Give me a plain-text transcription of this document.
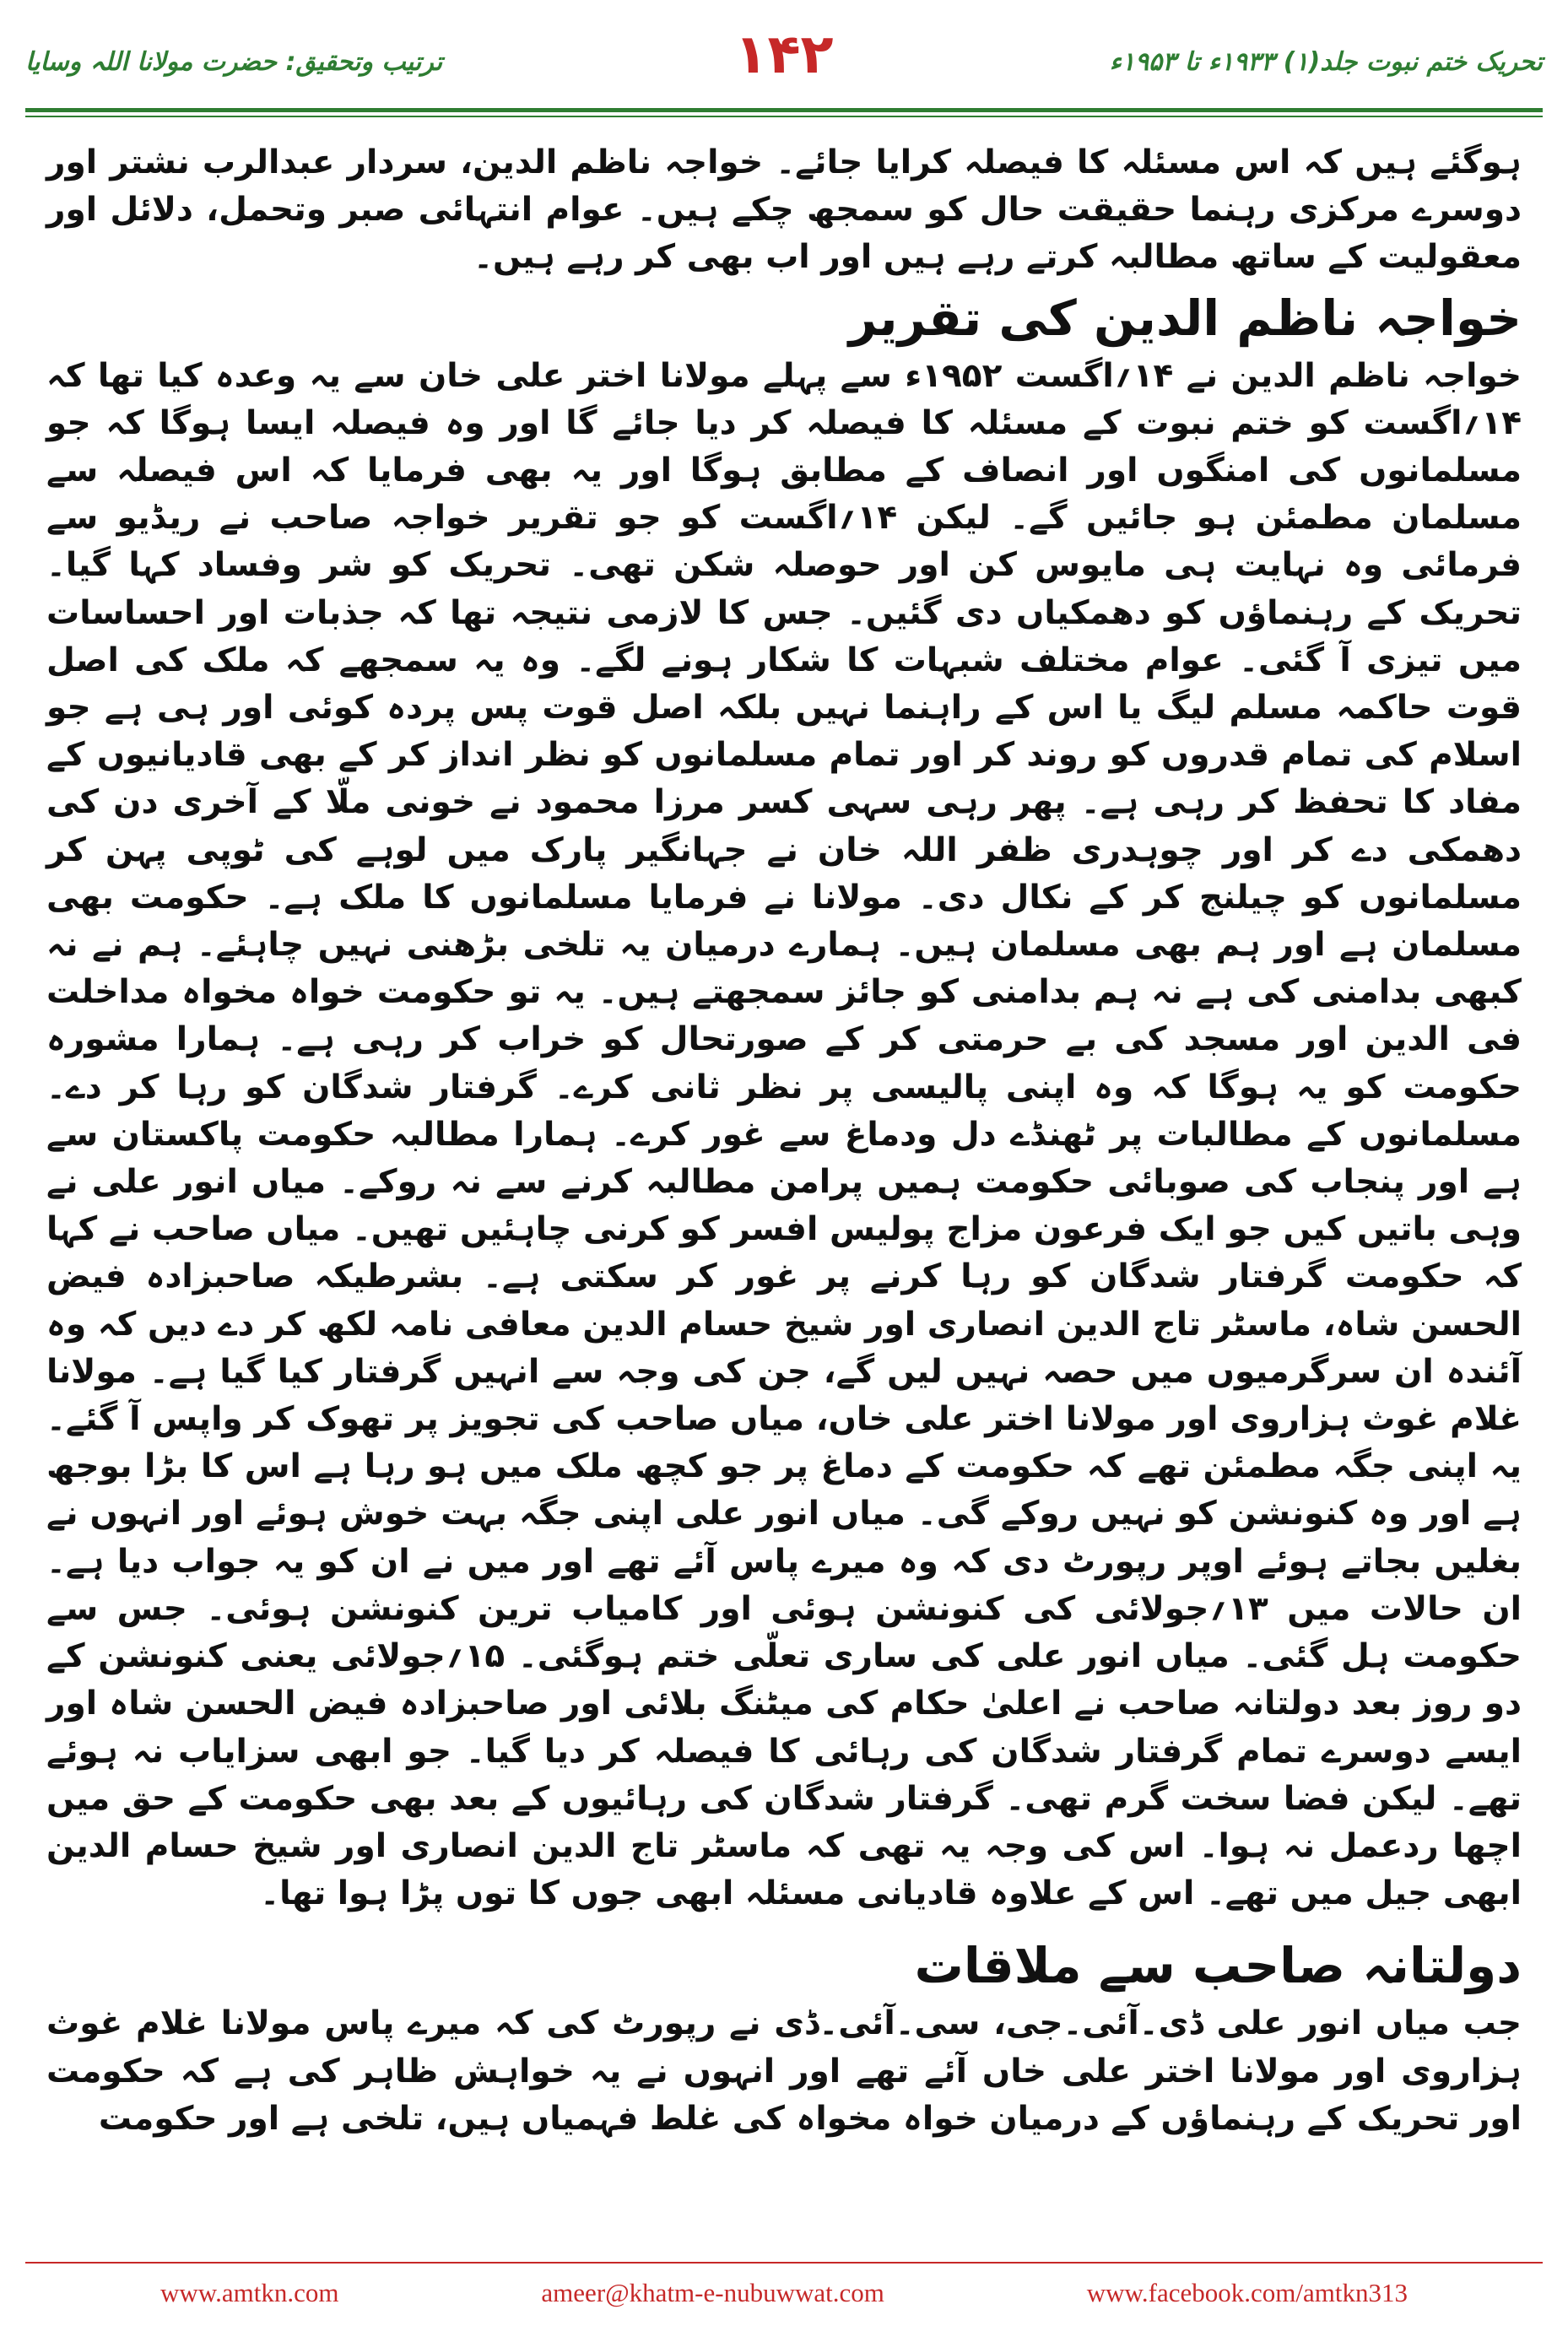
تحریک ختم نبوت جلد(۱) ۱۹۳۳ء تا ۱۹۵۳ء
۱۴۲
ترتیب وتحقیق: حضرت مولانا اللہ وسایا

ہوگئے ہیں کہ اس مسئلہ کا فیصلہ کرایا جائے۔ خواجہ ناظم الدین، سردار عبدالرب نشتر اور دوسرے مرکزی رہنما حقیقت حال کو سمجھ چکے ہیں۔ عوام انتہائی صبر وتحمل، دلائل اور معقولیت کے ساتھ مطالبہ کرتے رہے ہیں اور اب بھی کر رہے ہیں۔

خواجہ ناظم الدین کی تقریر

خواجہ ناظم الدین نے ۱۴؍اگست ۱۹۵۲ء سے پہلے مولانا اختر علی خان سے یہ وعدہ کیا تھا کہ ۱۴؍اگست کو ختم نبوت کے مسئلہ کا فیصلہ کر دیا جائے گا اور وہ فیصلہ ایسا ہوگا کہ جو مسلمانوں کی امنگوں اور انصاف کے مطابق ہوگا اور یہ بھی فرمایا کہ اس فیصلہ سے مسلمان مطمئن ہو جائیں گے۔ لیکن ۱۴؍اگست کو جو تقریر خواجہ صاحب نے ریڈیو سے فرمائی وہ نہایت ہی مایوس کن اور حوصلہ شکن تھی۔ تحریک کو شر وفساد کہا گیا۔ تحریک کے رہنماؤں کو دھمکیاں دی گئیں۔ جس کا لازمی نتیجہ تھا کہ جذبات اور احساسات میں تیزی آ گئی۔ عوام مختلف شبہات کا شکار ہونے لگے۔ وہ یہ سمجھے کہ ملک کی اصل قوت حاکمہ مسلم لیگ یا اس کے راہنما نہیں بلکہ اصل قوت پس پردہ کوئی اور ہی ہے جو اسلام کی تمام قدروں کو روند کر اور تمام مسلمانوں کو نظر انداز کر کے بھی قادیانیوں کے مفاد کا تحفظ کر رہی ہے۔ پھر رہی سہی کسر مرزا محمود نے خونی ملّا کے آخری دن کی دھمکی دے کر اور چوہدری ظفر اللہ خان نے جہانگیر پارک میں لوہے کی ٹوپی پہن کر مسلمانوں کو چیلنج کر کے نکال دی۔ مولانا نے فرمایا مسلمانوں کا ملک ہے۔ حکومت بھی مسلمان ہے اور ہم بھی مسلمان ہیں۔ ہمارے درمیان یہ تلخی بڑھنی نہیں چاہئے۔ ہم نے نہ کبھی بدامنی کی ہے نہ ہم بدامنی کو جائز سمجھتے ہیں۔ یہ تو حکومت خواہ مخواہ مداخلت فی الدین اور مسجد کی بے حرمتی کر کے صورتحال کو خراب کر رہی ہے۔ ہمارا مشورہ حکومت کو یہ ہوگا کہ وہ اپنی پالیسی پر نظر ثانی کرے۔ گرفتار شدگان کو رہا کر دے۔ مسلمانوں کے مطالبات پر ٹھنڈے دل ودماغ سے غور کرے۔ ہمارا مطالبہ حکومت پاکستان سے ہے اور پنجاب کی صوبائی حکومت ہمیں پرامن مطالبہ کرنے سے نہ روکے۔ میاں انور علی نے وہی باتیں کیں جو ایک فرعون مزاج پولیس افسر کو کرنی چاہئیں تھیں۔ میاں صاحب نے کہا کہ حکومت گرفتار شدگان کو رہا کرنے پر غور کر سکتی ہے۔ بشرطیکہ صاحبزادہ فیض الحسن شاہ، ماسٹر تاج الدین انصاری اور شیخ حسام الدین معافی نامہ لکھ کر دے دیں کہ وہ آئندہ ان سرگرمیوں میں حصہ نہیں لیں گے، جن کی وجہ سے انہیں گرفتار کیا گیا ہے۔ مولانا غلام غوث ہزاروی اور مولانا اختر علی خاں، میاں صاحب کی تجویز پر تھوک کر واپس آ گئے۔ یہ اپنی جگہ مطمئن تھے کہ حکومت کے دماغ پر جو کچھ ملک میں ہو رہا ہے اس کا بڑا بوجھ ہے اور وہ کنونشن کو نہیں روکے گی۔ میاں انور علی اپنی جگہ بہت خوش ہوئے اور انہوں نے بغلیں بجاتے ہوئے اوپر رپورٹ دی کہ وہ میرے پاس آئے تھے اور میں نے ان کو یہ جواب دیا ہے۔ ان حالات میں ۱۳؍جولائی کی کنونشن ہوئی اور کامیاب ترین کنونشن ہوئی۔ جس سے حکومت ہل گئی۔ میاں انور علی کی ساری تعلّی ختم ہوگئی۔ ۱۵؍جولائی یعنی کنونشن کے دو روز بعد دولتانہ صاحب نے اعلیٰ حکام کی میٹنگ بلائی اور صاحبزادہ فیض الحسن شاہ اور ایسے دوسرے تمام گرفتار شدگان کی رہائی کا فیصلہ کر دیا گیا۔ جو ابھی سزایاب نہ ہوئے تھے۔ لیکن فضا سخت گرم تھی۔ گرفتار شدگان کی رہائیوں کے بعد بھی حکومت کے حق میں اچھا ردعمل نہ ہوا۔ اس کی وجہ یہ تھی کہ ماسٹر تاج الدین انصاری اور شیخ حسام الدین ابھی جیل میں تھے۔ اس کے علاوہ قادیانی مسئلہ ابھی جوں کا توں پڑا ہوا تھا۔

دولتانہ صاحب سے ملاقات

جب میاں انور علی ڈی۔آئی۔جی، سی۔آئی۔ڈی نے رپورٹ کی کہ میرے پاس مولانا غلام غوث ہزاروی اور مولانا اختر علی خاں آئے تھے اور انہوں نے یہ خواہش ظاہر کی ہے کہ حکومت اور تحریک کے رہنماؤں کے درمیان خواہ مخواہ کی غلط فہمیاں ہیں، تلخی ہے اور حکومت

www.amtkn.com	ameer@khatm-e-nubuwwat.com	www.facebook.com/amtkn313
